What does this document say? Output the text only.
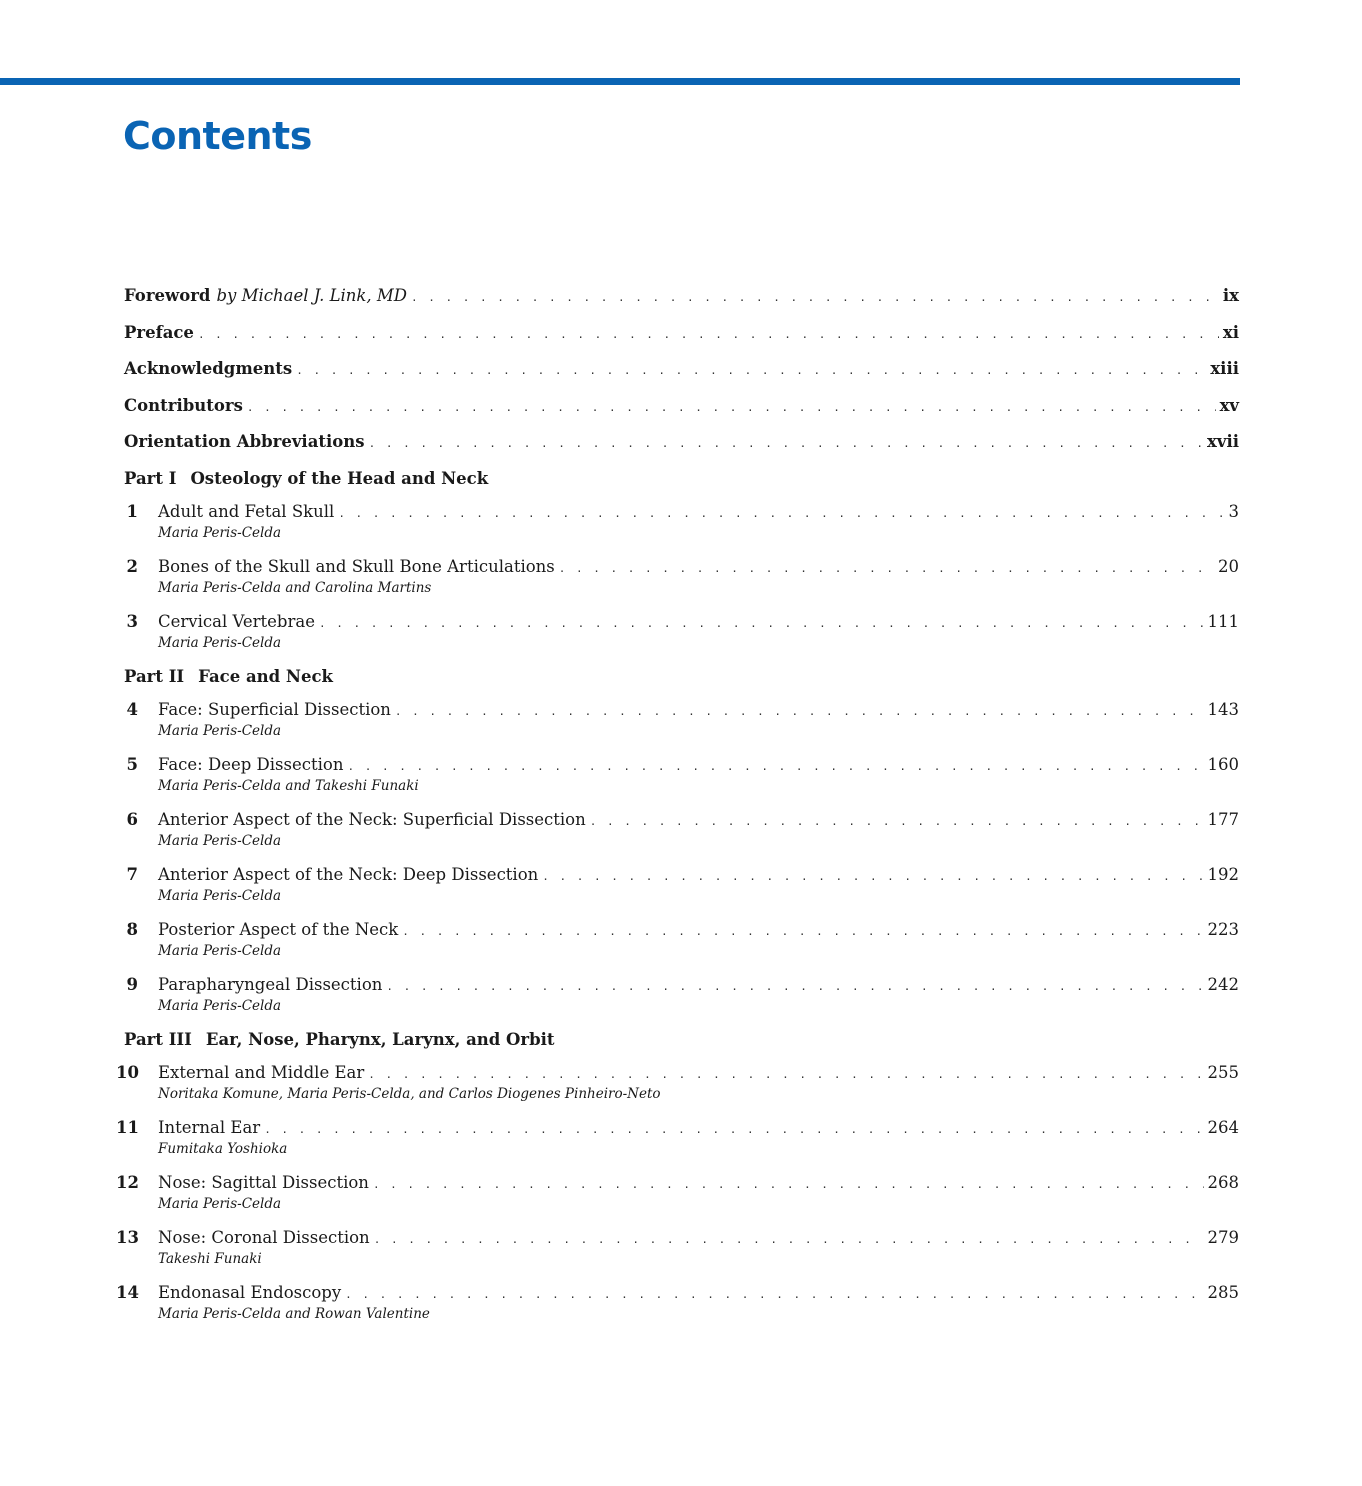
Contents
Foreword by Michael J. Link, MD . . .	ix
Preface . . .	xi
Acknowledgments . . .	xiii
Contributors . . .	xv
Orientation Abbreviations . . .	xvii
Part I Osteology of the Head and Neck
1	Adult and Fetal Skull . . .	3
Maria Peris-Celda
2	Bones of the Skull and Skull Bone Articulations . . .	20
Maria Peris-Celda and Carolina Martins
3	Cervical Vertebrae . . .	111
Maria Peris-Celda
Part II Face and Neck
4	Face: Superficial Dissection . . .	143
Maria Peris-Celda
5	Face: Deep Dissection . . .	160
Maria Peris-Celda and Takeshi Funaki
6	Anterior Aspect of the Neck: Superficial Dissection . . .	177
Maria Peris-Celda
7	Anterior Aspect of the Neck: Deep Dissection . . .	192
Maria Peris-Celda
8	Posterior Aspect of the Neck . . .	223
Maria Peris-Celda
9	Parapharyngeal Dissection . . .	242
Maria Peris-Celda
Part III Ear, Nose, Pharynx, Larynx, and Orbit
10	External and Middle Ear . . .	255
Noritaka Komune, Maria Peris-Celda, and Carlos Diogenes Pinheiro-Neto
11	Internal Ear . . .	264
Fumitaka Yoshioka
12	Nose: Sagittal Dissection . . .	268
Maria Peris-Celda
13	Nose: Coronal Dissection . . .	279
Takeshi Funaki
14	Endonasal Endoscopy . . .	285
Maria Peris-Celda and Rowan Valentine
